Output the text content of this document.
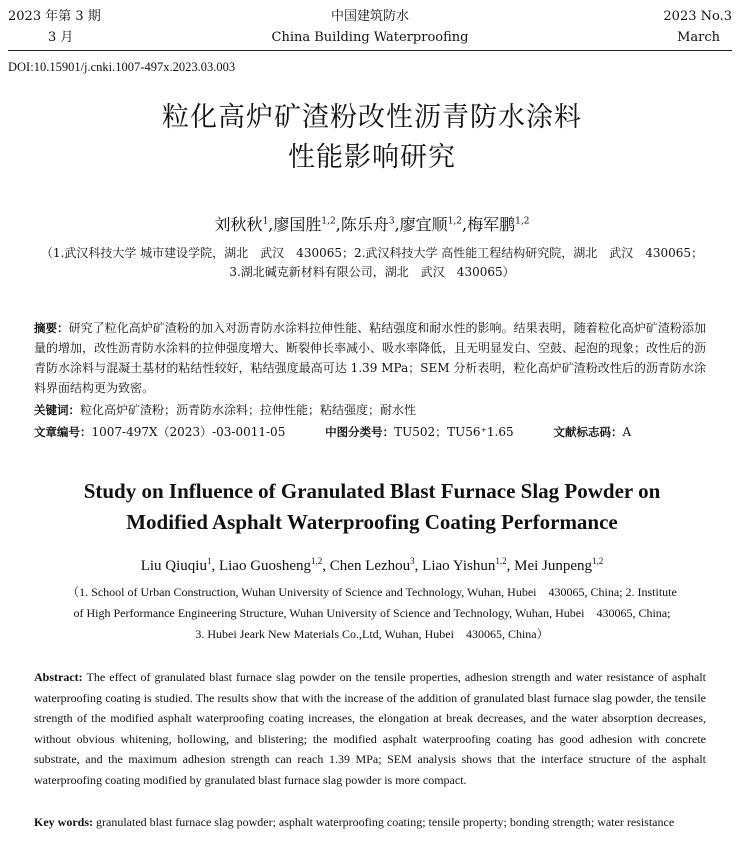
2023 年第 3 期
3 月
中国建筑防水
China Building Waterproofing
2023 No.3
March
DOI:10.15901/j.cnki.1007-497x.2023.03.003
粒化高炉矿渣粉改性沥青防水涂料
性能影响研究
刘秋秋$^1$,廖国胜$^{1,2}$,陈乐舟$^3$,廖宜顺$^{1,2}$,梅军鹏$^{1,2}$
（1.武汉科技大学 城市建设学院，湖北　武汉　430065；2.武汉科技大学 高性能工程结构研究院，湖北　武汉　430065；
3.湖北碱克新材料有限公司，湖北　武汉　430065）
摘要：研究了粒化高炉矿渣粉的加入对沥青防水涂料拉伸性能、粘结强度和耐水性的影响。结果表明，随着粒化高炉矿渣粉添加量的增加，改性沥青防水涂料的拉伸强度增大、断裂伸长率减小、吸水率降低，且无明显发白、空鼓、起泡的现象；改性后的沥青防水涂料与混凝土基材的粘结性较好，粘结强度最高可达 1.39 MPa；SEM 分析表明，粒化高炉矿渣粉改性后的沥青防水涂料界面结构更为致密。
关键词：粒化高炉矿渣粉；沥青防水涂料；拉伸性能；粘结强度；耐水性
文章编号：1007-497X（2023）-03-0011-05	中图分类号：TU502；TU56⁺1.65	文献标志码：A
Study on Influence of Granulated Blast Furnace Slag Powder on
Modified Asphalt Waterproofing Coating Performance
Liu Qiuqiu$^1$, Liao Guosheng$^{1,2}$, Chen Lezhou$^3$, Liao Yishun$^{1,2}$, Mei Junpeng$^{1,2}$
（1. School of Urban Construction, Wuhan University of Science and Technology, Wuhan, Hubei　430065, China; 2. Institute
of High Performance Engineering Structure, Wuhan University of Science and Technology, Wuhan, Hubei　430065, China;
3. Hubei Jeark New Materials Co.,Ltd, Wuhan, Hubei　430065, China）
Abstract: The effect of granulated blast furnace slag powder on the tensile properties, adhesion strength and water resistance of asphalt waterproofing coating is studied. The results show that with the increase of the addition of granulated blast furnace slag powder, the tensile strength of the modified asphalt waterproofing coating increases, the elongation at break decreases, and the water absorption decreases, without obvious whitening, hollowing, and blistering; the modified asphalt waterproofing coating has good adhesion with concrete substrate, and the maximum adhesion strength can reach 1.39 MPa; SEM analysis shows that the interface structure of the asphalt waterproofing coating modified by granulated blast furnace slag powder is more compact.
Key words: granulated blast furnace slag powder; asphalt waterproofing coating; tensile property; bonding strength; water resistance
